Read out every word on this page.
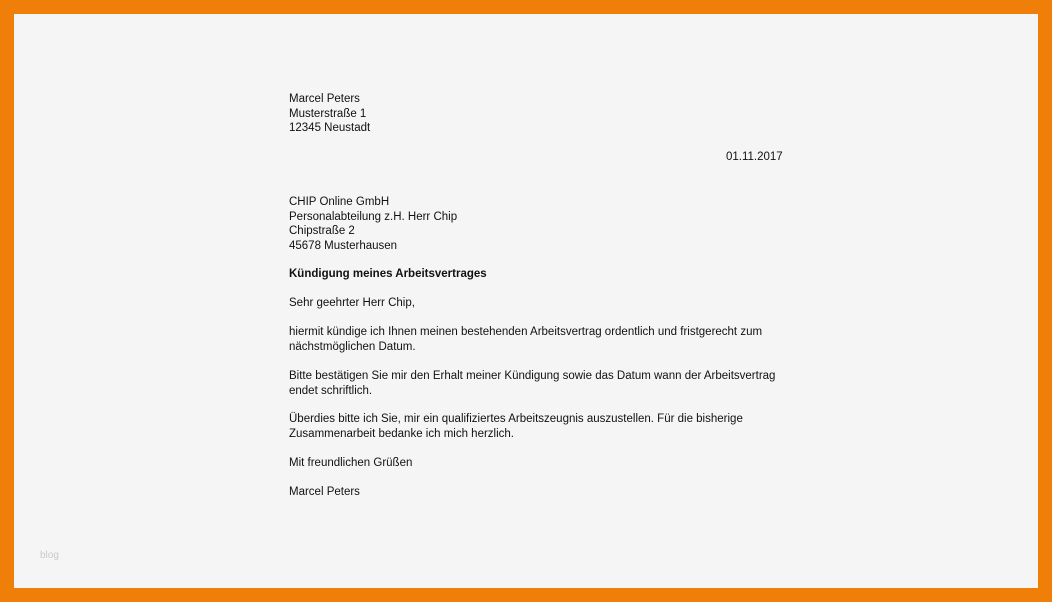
Marcel Peters
Musterstraße 1
12345 Neustadt
01.11.2017
CHIP Online GmbH
Personalabteilung z.H. Herr Chip
Chipstraße 2
45678 Musterhausen
Kündigung meines Arbeitsvertrages
Sehr geehrter Herr Chip,
hiermit kündige ich Ihnen meinen bestehenden Arbeitsvertrag ordentlich und fristgerecht zum
nächstmöglichen Datum.
Bitte bestätigen Sie mir den Erhalt meiner Kündigung sowie das Datum wann der Arbeitsvertrag
endet schriftlich.
Überdies bitte ich Sie, mir ein qualifiziertes Arbeitszeugnis auszustellen. Für die bisherige
Zusammenarbeit bedanke ich mich herzlich.
Mit freundlichen Grüßen
Marcel Peters
blog
